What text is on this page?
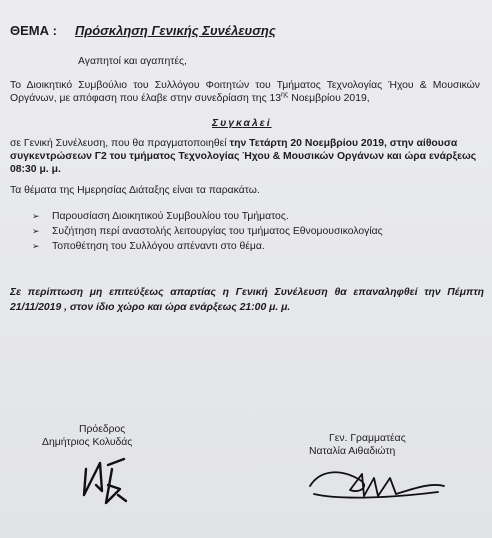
ΘΕΜΑ : Πρόσκληση Γενικής Συνέλευσης
Αγαπητοί και αγαπητές,
Το Διοικητικό Συμβούλιο του Συλλόγου Φοιτητών του Τμήματος Τεχνολογίας Ήχου & Μουσικών Οργάνων, με απόφαση που έλαβε στην συνεδρίαση της $13^{\eta\varsigma}$ Νοεμβρίου 2019,
Συγκαλεί
σε Γενική Συνέλευση, που θα πραγματοποιηθεί την Τετάρτη 20 Νοεμβρίου 2019, στην αίθουσα συγκεντρώσεων Γ2 του τμήματος Τεχνολογίας Ήχου & Μουσικών Οργάνων και ώρα ενάρξεως 08:30 μ. μ.
Τα θέματα της Ημερησίας Διάταξης είναι τα παρακάτω.
➢ Παρουσίαση Διοικητικού Συμβουλίου του Τμήματος.
➢ Συζήτηση περί αναστολής λειτουργίας του τμήματος Εθνομουσικολογίας
➢ Τοποθέτηση του Συλλόγου απέναντι στο θέμα.
Σε περίπτωση μη επιτεύξεως απαρτίας η Γενική Συνέλευση θα επαναληφθεί την Πέμπτη 21/11/2019 , στον ίδιο χώρο και ώρα ενάρξεως 21:00 μ. μ.
Πρόεδρος
Δημήτριος Κολυδάς	Γεν. Γραμματέας
Ναταλία Αιθαδιώτη
